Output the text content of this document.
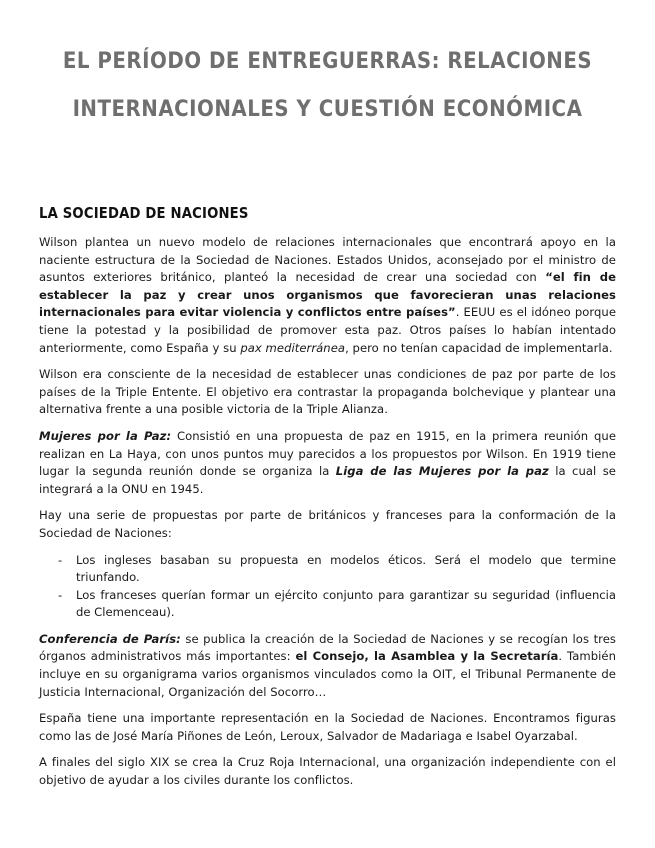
EL PERÍODO DE ENTREGUERRAS: RELACIONES
INTERNACIONALES Y CUESTIÓN ECONÓMICA
LA SOCIEDAD DE NACIONES

Wilson plantea un nuevo modelo de relaciones internacionales que encontrará apoyo en la naciente estructura de la Sociedad de Naciones. Estados Unidos, aconsejado por el ministro de asuntos exteriores británico, planteó la necesidad de crear una sociedad con “el fin de establecer la paz y crear unos organismos que favorecieran unas relaciones internacionales para evitar violencia y conflictos entre países”. EEUU es el idóneo porque tiene la potestad y la posibilidad de promover esta paz. Otros países lo habían intentado anteriormente, como España y su pax mediterránea, pero no tenían capacidad de implementarla.

Wilson era consciente de la necesidad de establecer unas condiciones de paz por parte de los países de la Triple Entente. El objetivo era contrastar la propaganda bolchevique y plantear una alternativa frente a una posible victoria de la Triple Alianza.

Mujeres por la Paz: Consistió en una propuesta de paz en 1915, en la primera reunión que realizan en La Haya, con unos puntos muy parecidos a los propuestos por Wilson. En 1919 tiene lugar la segunda reunión donde se organiza la Liga de las Mujeres por la paz la cual se integrará a la ONU en 1945.

Hay una serie de propuestas por parte de británicos y franceses para la conformación de la Sociedad de Naciones:

- Los ingleses basaban su propuesta en modelos éticos. Será el modelo que termine triunfando.
- Los franceses querían formar un ejército conjunto para garantizar su seguridad (influencia de Clemenceau).

Conferencia de París: se publica la creación de la Sociedad de Naciones y se recogían los tres órganos administrativos más importantes: el Consejo, la Asamblea y la Secretaría. También incluye en su organigrama varios organismos vinculados como la OIT, el Tribunal Permanente de Justicia Internacional, Organización del Socorro…

España tiene una importante representación en la Sociedad de Naciones. Encontramos figuras como las de José María Piñones de León, Leroux, Salvador de Madariaga e Isabel Oyarzabal.

A finales del siglo XIX se crea la Cruz Roja Internacional, una organización independiente con el objetivo de ayudar a los civiles durante los conflictos.
